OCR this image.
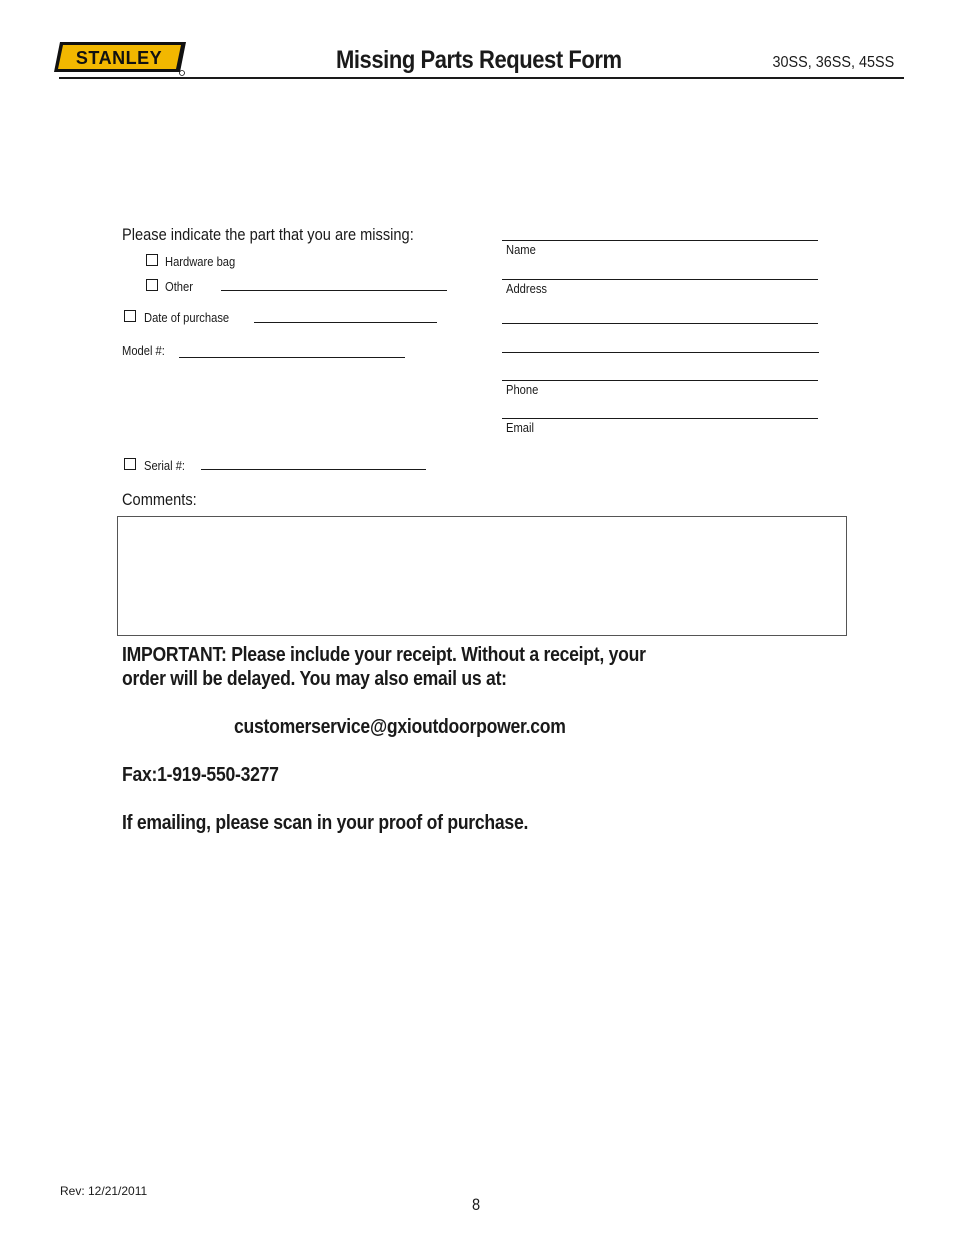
STANLEY	Missing Parts Request Form	30SS, 36SS, 45SS
Please indicate the part that you are missing:
Hardware bag
Other
Date of purchase
Model #:
Serial #:
Name
Address
Phone
Email
Comments:
IMPORTANT: Please include your receipt. Without a receipt, your
order will be delayed. You may also email us at:
customerservice@gxioutdoorpower.com
Fax:1-919-550-3277
If emailing, please scan in your proof of purchase.
Rev: 12/21/2011
8
